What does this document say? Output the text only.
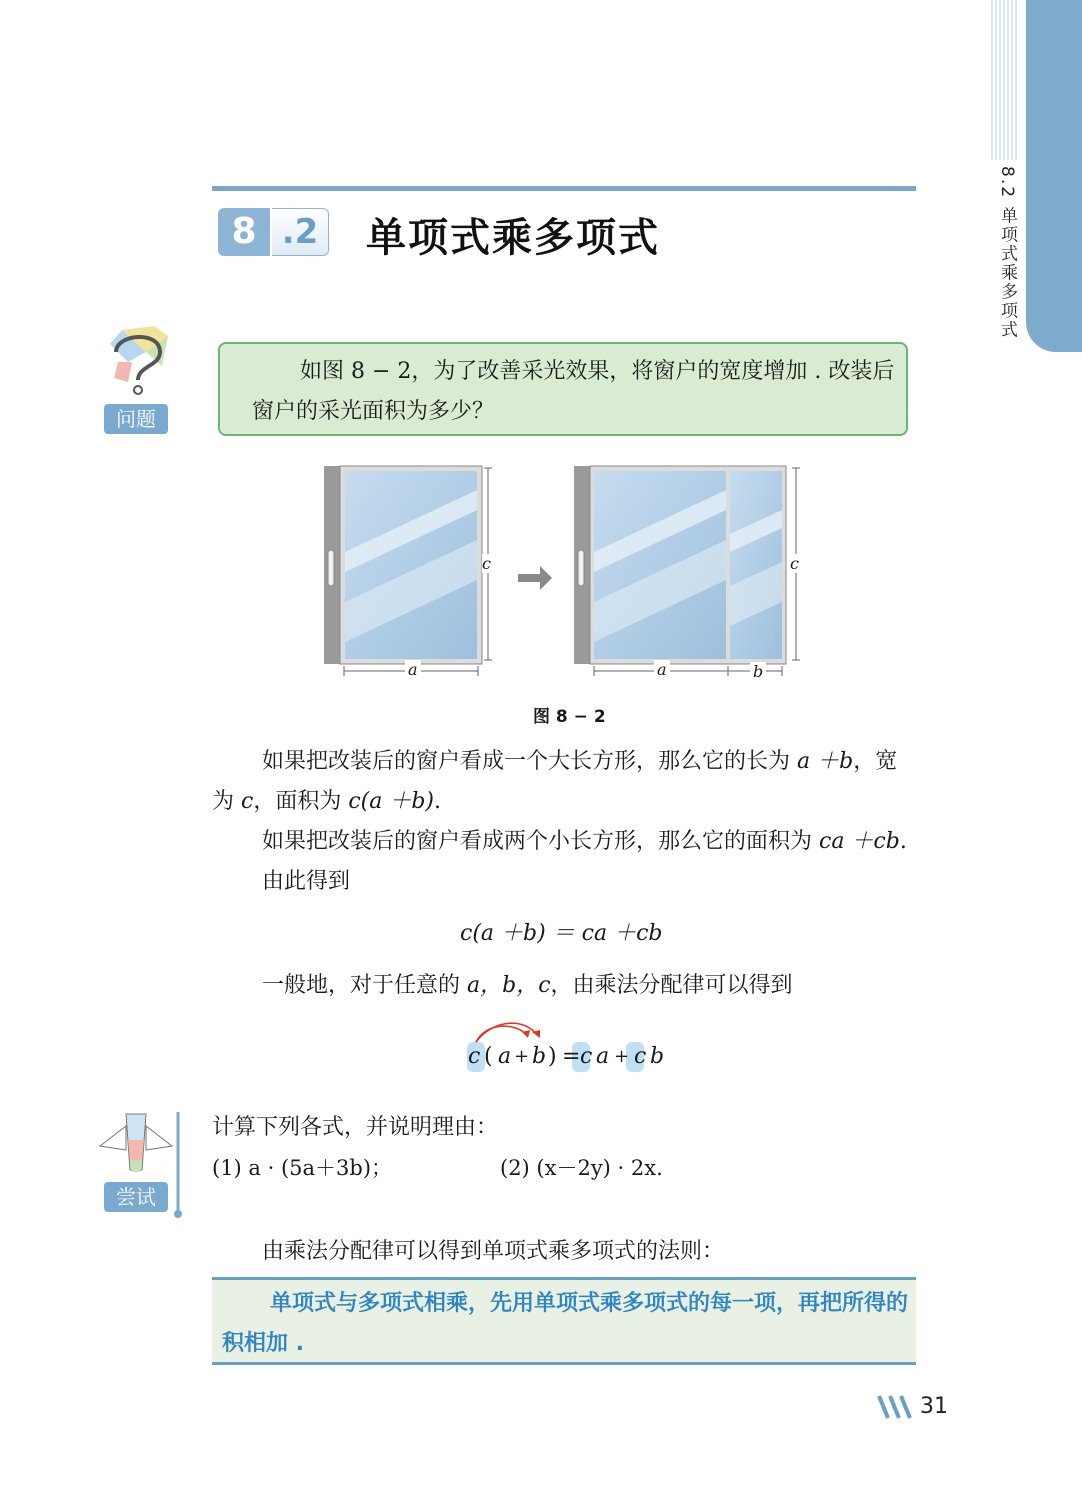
8.2 单项式乘多项式
8 .2 单项式乘多项式
问题
如图 8 − 2，为了改善采光效果，将窗户的宽度增加 . 改装后窗户的采光面积为多少？
c
a
c
a	b
图 8 − 2
如果把改装后的窗户看成一个大长方形，那么它的长为 a ＋b，宽为 c，面积为 c(a ＋b).
如果把改装后的窗户看成两个小长方形，那么它的面积为 ca ＋cb.
由此得到
c(a ＋b) ＝ ca ＋cb
一般地，对于任意的 a，b，c，由乘法分配律可以得到
c ( a + b ) = c a + c b
尝试
计算下列各式，并说明理由：
(1) a · (5a＋3b)；	(2) (x－2y) · 2x.
由乘法分配律可以得到单项式乘多项式的法则：
单项式与多项式相乘，先用单项式乘多项式的每一项，再把所得的积相加 .
31
